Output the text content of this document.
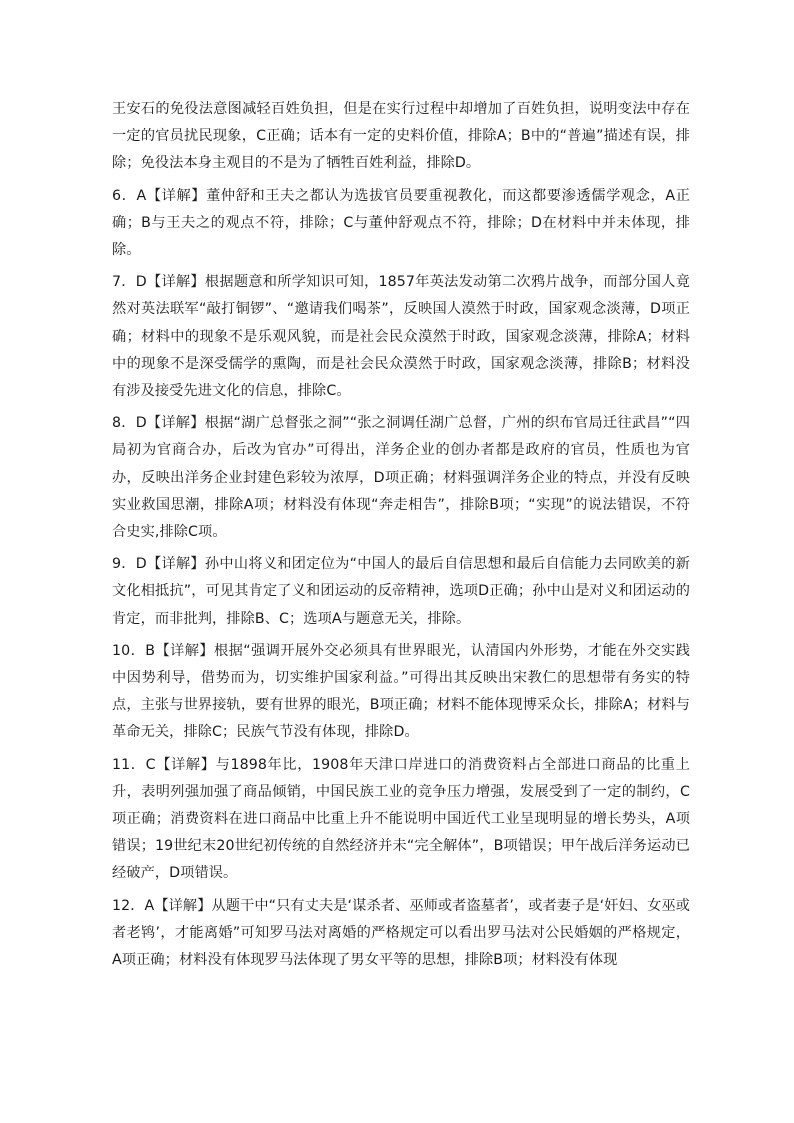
王安石的免役法意图减轻百姓负担，但是在实行过程中却增加了百姓负担，说明变法中存在一定的官员扰民现象，C正确；话本有一定的史料价值，排除A；B中的“普遍”描述有误，排除；免役法本身主观目的不是为了牺牲百姓利益，排除D。

6．A【详解】董仲舒和王夫之都认为选拔官员要重视教化，而这都要渗透儒学观念，A正确；B与王夫之的观点不符，排除；C与董仲舒观点不符，排除；D在材料中并未体现，排除。

7．D【详解】根据题意和所学知识可知，1857年英法发动第二次鸦片战争，而部分国人竟然对英法联军“敲打铜锣”、“邀请我们喝茶”，反映国人漠然于时政，国家观念淡薄，D项正确；材料中的现象不是乐观风貌，而是社会民众漠然于时政，国家观念淡薄，排除A；材料中的现象不是深受儒学的熏陶，而是社会民众漠然于时政，国家观念淡薄，排除B；材料没有涉及接受先进文化的信息，排除C。

8．D【详解】根据“湖广总督张之洞”“张之洞调任湖广总督，广州的织布官局迁往武昌”“四局初为官商合办，后改为官办”可得出，洋务企业的创办者都是政府的官员，性质也为官办，反映出洋务企业封建色彩较为浓厚，D项正确；材料强调洋务企业的特点，并没有反映实业救国思潮，排除A项；材料没有体现“奔走相告”，排除B项；“实现”的说法错误，不符合史实,排除C项。

9．D【详解】孙中山将义和团定位为“中国人的最后自信思想和最后自信能力去同欧美的新文化相抵抗”，可见其肯定了义和团运动的反帝精神，选项D正确；孙中山是对义和团运动的肯定，而非批判，排除B、C；选项A与题意无关，排除。

10．B【详解】根据“强调开展外交必须具有世界眼光，认清国内外形势，才能在外交实践中因势利导，借势而为，切实维护国家利益。”可得出其反映出宋教仁的思想带有务实的特点，主张与世界接轨，要有世界的眼光，B项正确；材料不能体现博采众长，排除A；材料与革命无关，排除C；民族气节没有体现，排除D。

11．C【详解】与1898年比，1908年天津口岸进口的消费资料占全部进口商品的比重上升，表明列强加强了商品倾销，中国民族工业的竞争压力增强，发展受到了一定的制约，C项正确；消费资料在进口商品中比重上升不能说明中国近代工业呈现明显的增长势头，A项错误；19世纪末20世纪初传统的自然经济并未“完全解体”，B项错误；甲午战后洋务运动已经破产，D项错误。

12．A【详解】从题干中“只有丈夫是‘谋杀者、巫师或者盗墓者’，或者妻子是‘奸妇、女巫或者老鸨’，才能离婚”可知罗马法对离婚的严格规定可以看出罗马法对公民婚姻的严格规定，A项正确；材料没有体现罗马法体现了男女平等的思想，排除B项；材料没有体现
